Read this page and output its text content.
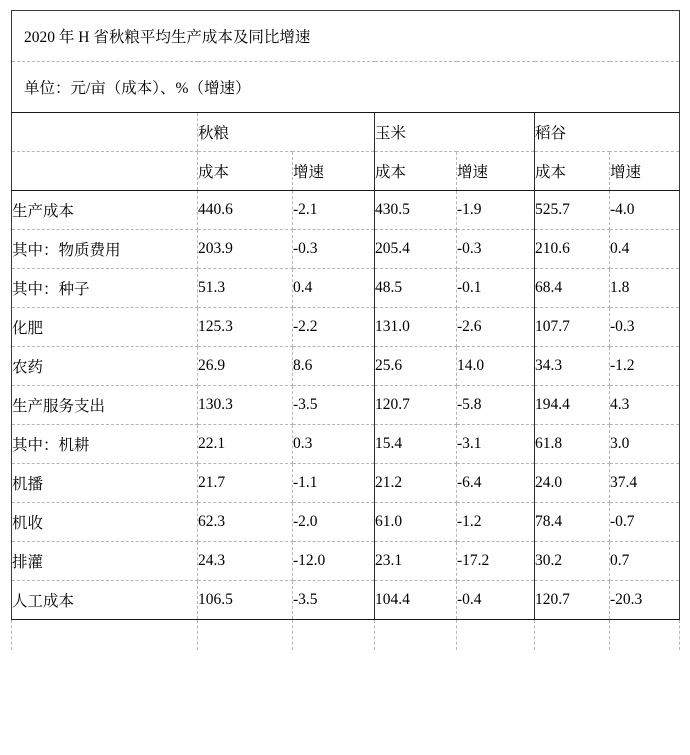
2020 年 H 省秋粮平均生产成本及同比增速						
单位：元/亩（成本）、%（增速）						
	秋粮		玉米		稻谷	
	成本	增速	成本	增速	成本	增速
生产成本	440.6	-2.1	430.5	-1.9	525.7	-4.0
其中：物质费用	203.9	-0.3	205.4	-0.3	210.6	0.4
其中：种子	51.3	0.4	48.5	-0.1	68.4	1.8
化肥	125.3	-2.2	131.0	-2.6	107.7	-0.3
农药	26.9	8.6	25.6	14.0	34.3	-1.2
生产服务支出	130.3	-3.5	120.7	-5.8	194.4	4.3
其中：机耕	22.1	0.3	15.4	-3.1	61.8	3.0
机播	21.7	-1.1	21.2	-6.4	24.0	37.4
机收	62.3	-2.0	61.0	-1.2	78.4	-0.7
排灌	24.3	-12.0	23.1	-17.2	30.2	0.7
人工成本	106.5	-3.5	104.4	-0.4	120.7	-20.3
